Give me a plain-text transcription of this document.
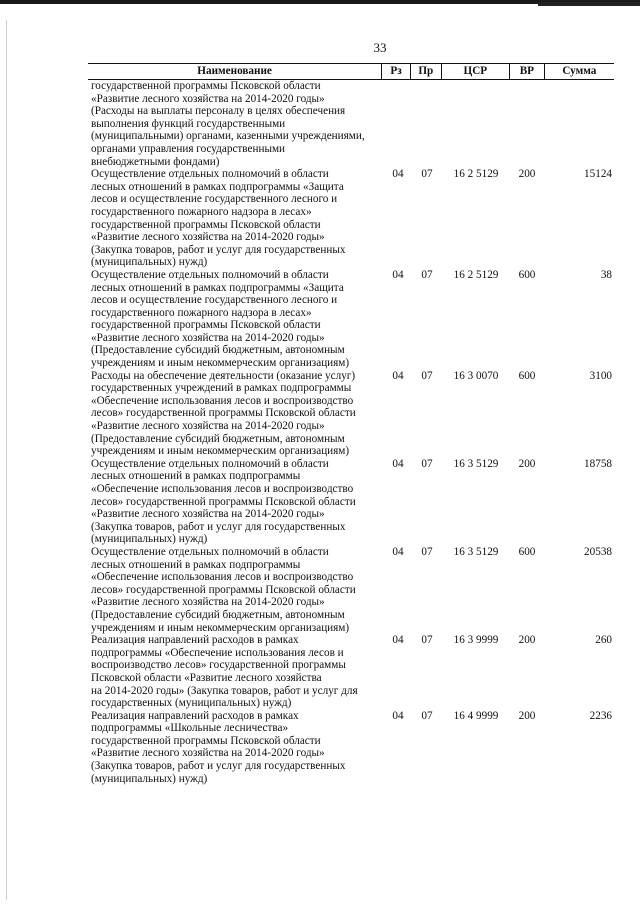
33
Наименование	Рз	Пр	ЦСР	ВР	Сумма
государственной программы Псковской области
«Развитие лесного хозяйства на 2014-2020 годы»
(Расходы на выплаты персоналу в целях обеспечения
выполнения функций государственными
(муниципальными) органами, казенными учреждениями,
органами управления государственными
внебюджетными фондами)
Осуществление отдельных полномочий в области
лесных отношений в рамках подпрограммы «Защита
лесов и осуществление государственного лесного и
государственного пожарного надзора в лесах»
государственной программы Псковской области
«Развитие лесного хозяйства на 2014-2020 годы»
(Закупка товаров, работ и услуг для государственных
(муниципальных) нужд)
04	07	16 2 5129	200	15124
Осуществление отдельных полномочий в области
лесных отношений в рамках подпрограммы «Защита
лесов и осуществление государственного лесного и
государственного пожарного надзора в лесах»
государственной программы Псковской области
«Развитие лесного хозяйства на 2014-2020 годы»
(Предоставление субсидий бюджетным, автономным
учреждениям и иным некоммерческим организациям)
04	07	16 2 5129	600	38
Расходы на обеспечение деятельности (оказание услуг)
государственных учреждений в рамках подпрограммы
«Обеспечение использования лесов и воспроизводство
лесов» государственной программы Псковской области
«Развитие лесного хозяйства на 2014-2020 годы»
(Предоставление субсидий бюджетным, автономным
учреждениям и иным некоммерческим организациям)
04	07	16 3 0070	600	3100
Осуществление отдельных полномочий в области
лесных отношений в рамках подпрограммы
«Обеспечение использования лесов и воспроизводство
лесов» государственной программы Псковской области
«Развитие лесного хозяйства на 2014-2020 годы»
(Закупка товаров, работ и услуг для государственных
(муниципальных) нужд)
04	07	16 3 5129	200	18758
Осуществление отдельных полномочий в области
лесных отношений в рамках подпрограммы
«Обеспечение использования лесов и воспроизводство
лесов» государственной программы Псковской области
«Развитие лесного хозяйства на 2014-2020 годы»
(Предоставление субсидий бюджетным, автономным
учреждениям и иным некоммерческим организациям)
04	07	16 3 5129	600	20538
Реализация направлений расходов в рамках
подпрограммы «Обеспечение использования лесов и
воспроизводство лесов» государственной программы
Псковской области «Развитие лесного хозяйства
на 2014-2020 годы» (Закупка товаров, работ и услуг для
государственных (муниципальных) нужд)
04	07	16 3 9999	200	260
Реализация направлений расходов в рамках
подпрограммы «Школьные лесничества»
государственной программы Псковской области
«Развитие лесного хозяйства на 2014-2020 годы»
(Закупка товаров, работ и услуг для государственных
(муниципальных) нужд)
04	07	16 4 9999	200	2236
